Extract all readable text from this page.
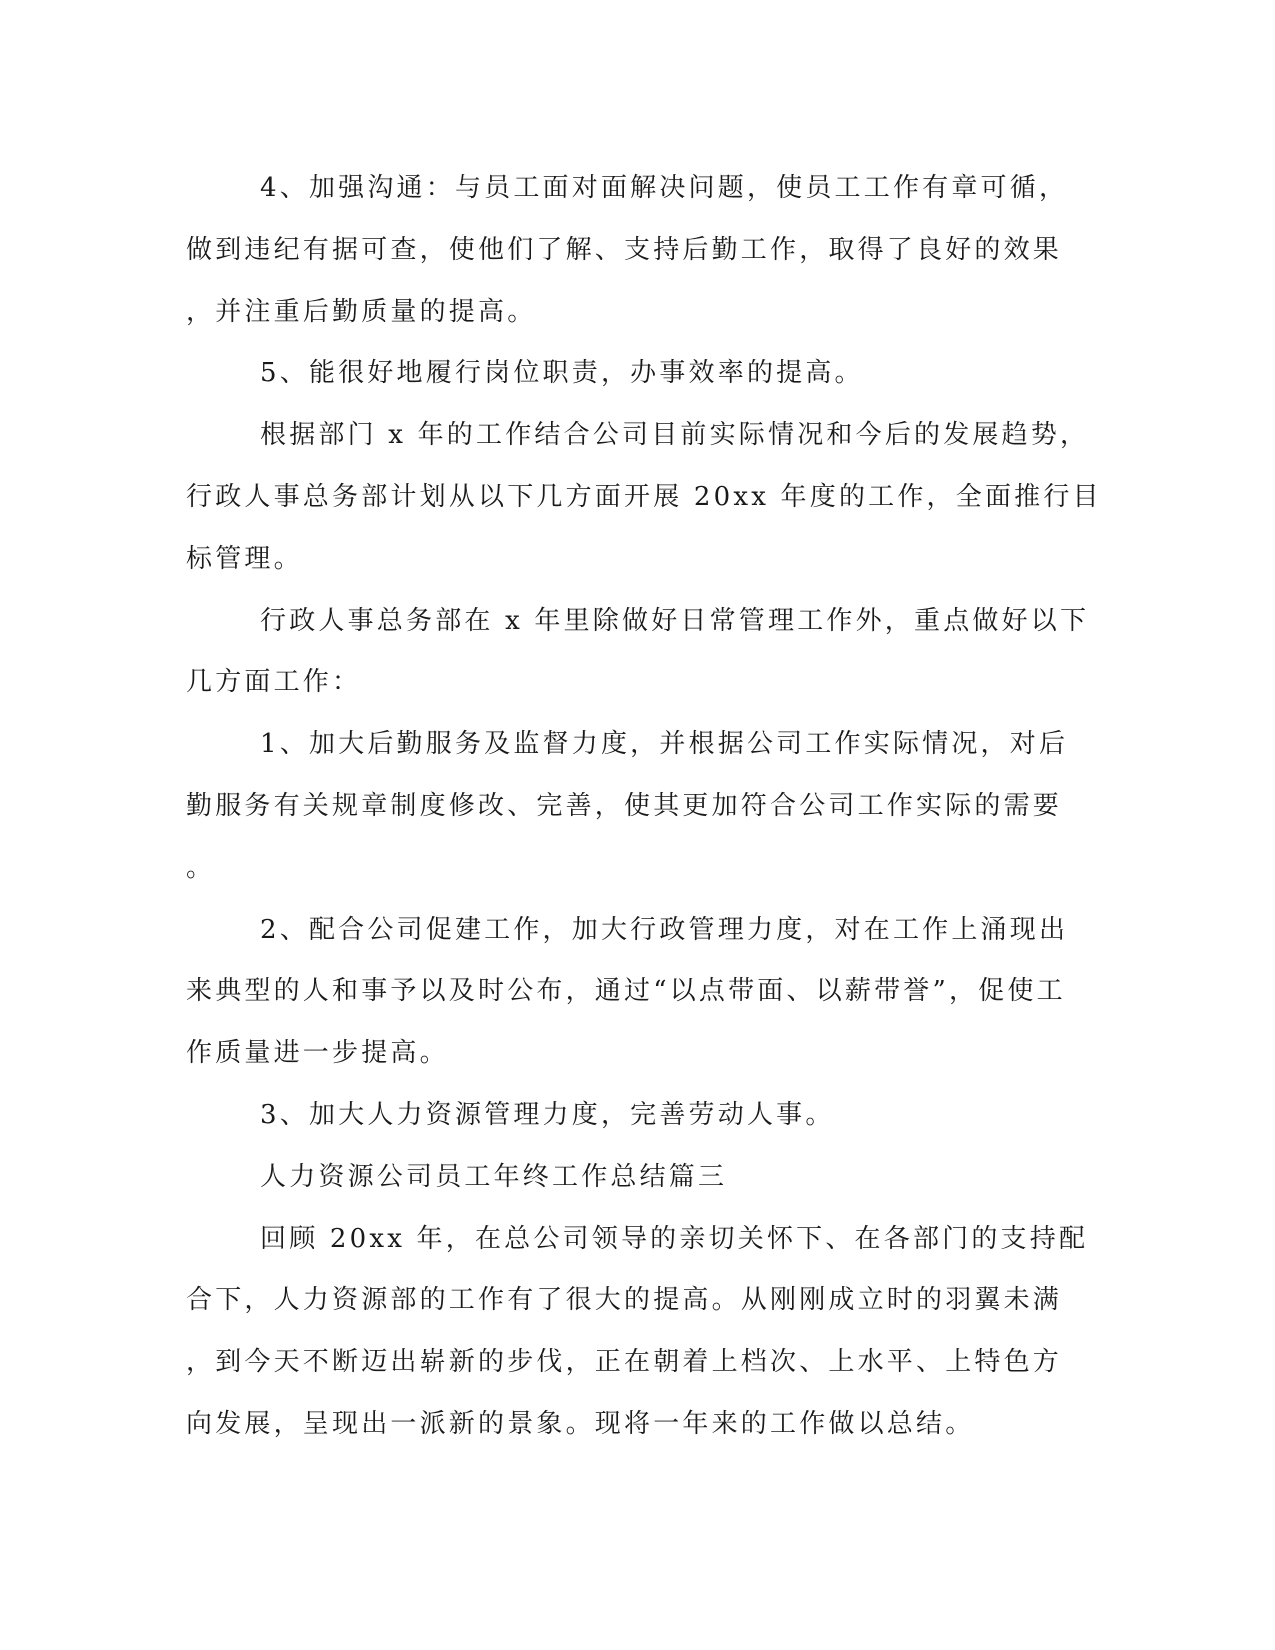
4、加强沟通：与员工面对面解决问题，使员工工作有章可循，
做到违纪有据可查，使他们了解、支持后勤工作，取得了良好的效果
，并注重后勤质量的提高。
5、能很好地履行岗位职责，办事效率的提高。
根据部门 x 年的工作结合公司目前实际情况和今后的发展趋势，
行政人事总务部计划从以下几方面开展 20xx 年度的工作，全面推行目
标管理。
行政人事总务部在 x 年里除做好日常管理工作外，重点做好以下
几方面工作：
1、加大后勤服务及监督力度，并根据公司工作实际情况，对后
勤服务有关规章制度修改、完善，使其更加符合公司工作实际的需要
。
2、配合公司促建工作，加大行政管理力度，对在工作上涌现出
来典型的人和事予以及时公布，通过“以点带面、以薪带誉”，促使工
作质量进一步提高。
3、加大人力资源管理力度，完善劳动人事。
人力资源公司员工年终工作总结篇三
回顾 20xx 年，在总公司领导的亲切关怀下、在各部门的支持配
合下，人力资源部的工作有了很大的提高。从刚刚成立时的羽翼未满
，到今天不断迈出崭新的步伐，正在朝着上档次、上水平、上特色方
向发展，呈现出一派新的景象。现将一年来的工作做以总结。
